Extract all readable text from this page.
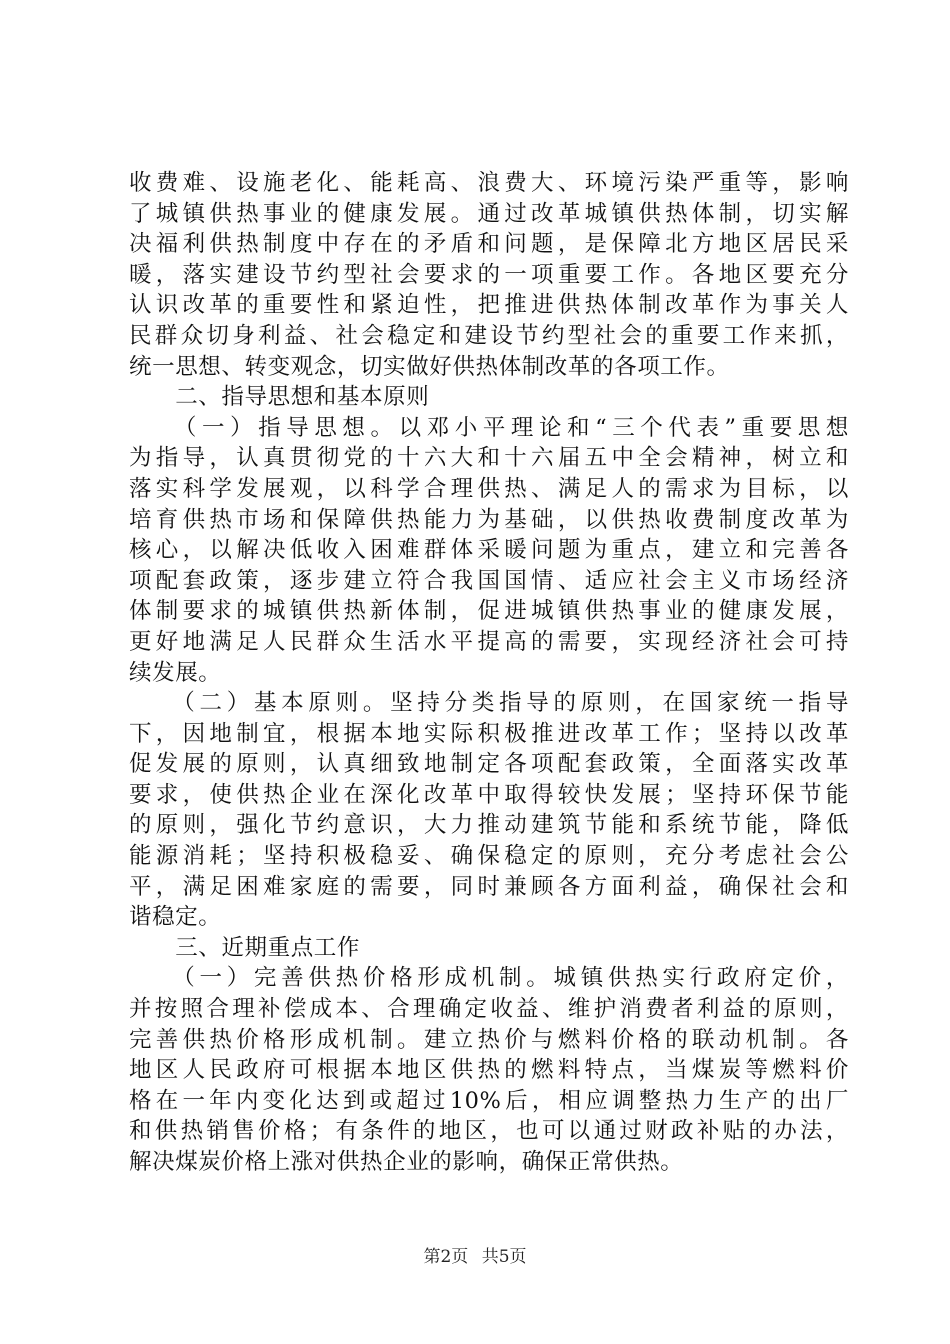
收费难、设施老化、能耗高、浪费大、环境污染严重等，影响
了城镇供热事业的健康发展。通过改革城镇供热体制，切实解
决福利供热制度中存在的矛盾和问题，是保障北方地区居民采
暖，落实建设节约型社会要求的一项重要工作。各地区要充分
认识改革的重要性和紧迫性，把推进供热体制改革作为事关人
民群众切身利益、社会稳定和建设节约型社会的重要工作来抓，
统一思想、转变观念，切实做好供热体制改革的各项工作。
　　二、指导思想和基本原则
　　（一）指导思想。以邓小平理论和“三个代表”重要思想
为指导，认真贯彻党的十六大和十六届五中全会精神，树立和
落实科学发展观，以科学合理供热、满足人的需求为目标，以
培育供热市场和保障供热能力为基础，以供热收费制度改革为
核心，以解决低收入困难群体采暖问题为重点，建立和完善各
项配套政策，逐步建立符合我国国情、适应社会主义市场经济
体制要求的城镇供热新体制，促进城镇供热事业的健康发展，
更好地满足人民群众生活水平提高的需要，实现经济社会可持
续发展。
　　（二）基本原则。坚持分类指导的原则，在国家统一指导
下，因地制宜，根据本地实际积极推进改革工作；坚持以改革
促发展的原则，认真细致地制定各项配套政策，全面落实改革
要求，使供热企业在深化改革中取得较快发展；坚持环保节能
的原则，强化节约意识，大力推动建筑节能和系统节能，降低
能源消耗；坚持积极稳妥、确保稳定的原则，充分考虑社会公
平，满足困难家庭的需要，同时兼顾各方面利益，确保社会和
谐稳定。
　　三、近期重点工作
　　（一）完善供热价格形成机制。城镇供热实行政府定价，
并按照合理补偿成本、合理确定收益、维护消费者利益的原则，
完善供热价格形成机制。建立热价与燃料价格的联动机制。各
地区人民政府可根据本地区供热的燃料特点，当煤炭等燃料价
格在一年内变化达到或超过10%后，相应调整热力生产的出厂
和供热销售价格；有条件的地区，也可以通过财政补贴的办法，
解决煤炭价格上涨对供热企业的影响，确保正常供热。
第2页 共5页
